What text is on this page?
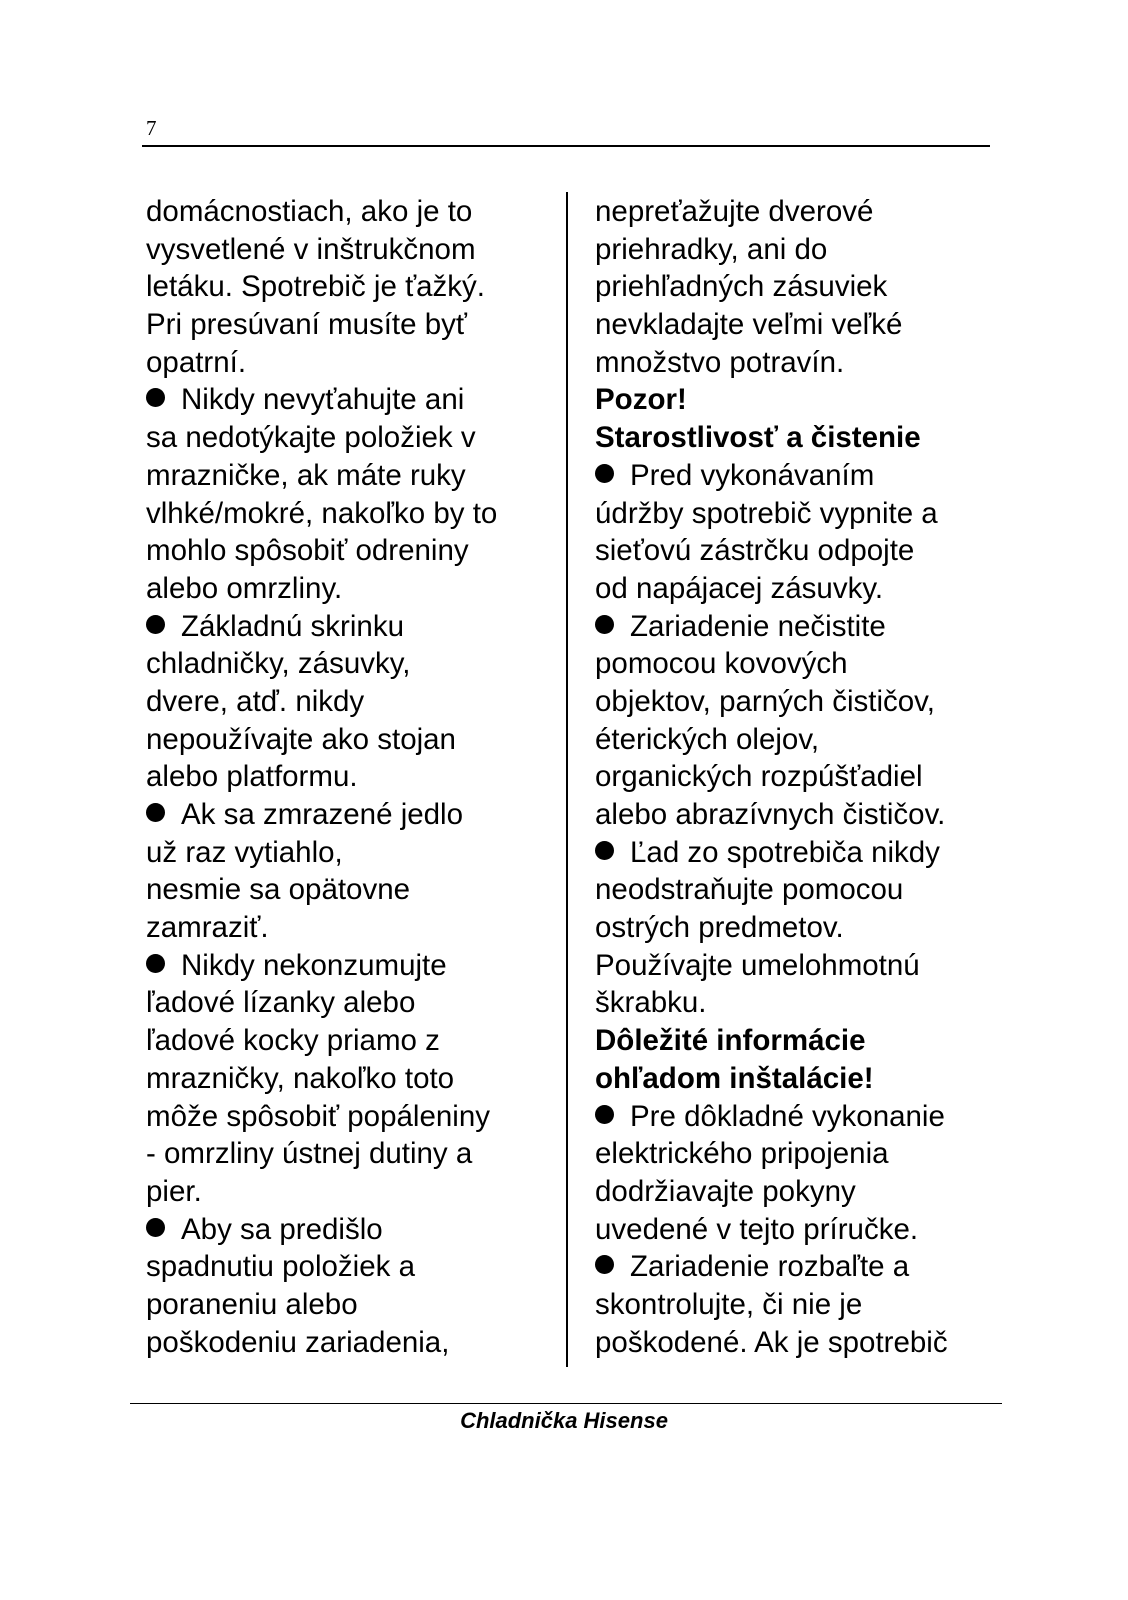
7
domácnostiach, ako je to
vysvetlené v inštrukčnom
letáku. Spotrebič je ťažký.
Pri presúvaní musíte byť
opatrní.
Nikdy nevyťahujte ani
sa nedotýkajte položiek v
mrazničke, ak máte ruky
vlhké/mokré, nakoľko by to
mohlo spôsobiť odreniny
alebo omrzliny.
Základnú skrinku
chladničky, zásuvky,
dvere, atď. nikdy
nepoužívajte ako stojan
alebo platformu.
Ak sa zmrazené jedlo
už raz vytiahlo,
nesmie sa opätovne
zamraziť.
Nikdy nekonzumujte
ľadové lízanky alebo
ľadové kocky priamo z
mrazničky, nakoľko toto
môže spôsobiť popáleniny
- omrzliny ústnej dutiny a
pier.
Aby sa predišlo
spadnutiu položiek a
poraneniu alebo
poškodeniu zariadenia,
nepreťažujte dverové
priehradky, ani do
priehľadných zásuviek
nevkladajte veľmi veľké
množstvo potravín.
Pozor!
Starostlivosť a čistenie
Pred vykonávaním
údržby spotrebič vypnite a
sieťovú zástrčku odpojte
od napájacej zásuvky.
Zariadenie nečistite
pomocou kovových
objektov, parných čističov,
éterických olejov,
organických rozpúšťadiel
alebo abrazívnych čističov.
Ľad zo spotrebiča nikdy
neodstraňujte pomocou
ostrých predmetov.
Používajte umelohmotnú
škrabku.
Dôležité informácie
ohľadom inštalácie!
Pre dôkladné vykonanie
elektrického pripojenia
dodržiavajte pokyny
uvedené v tejto príručke.
Zariadenie rozbaľte a
skontrolujte, či nie je
poškodené. Ak je spotrebič
Chladnička Hisense
